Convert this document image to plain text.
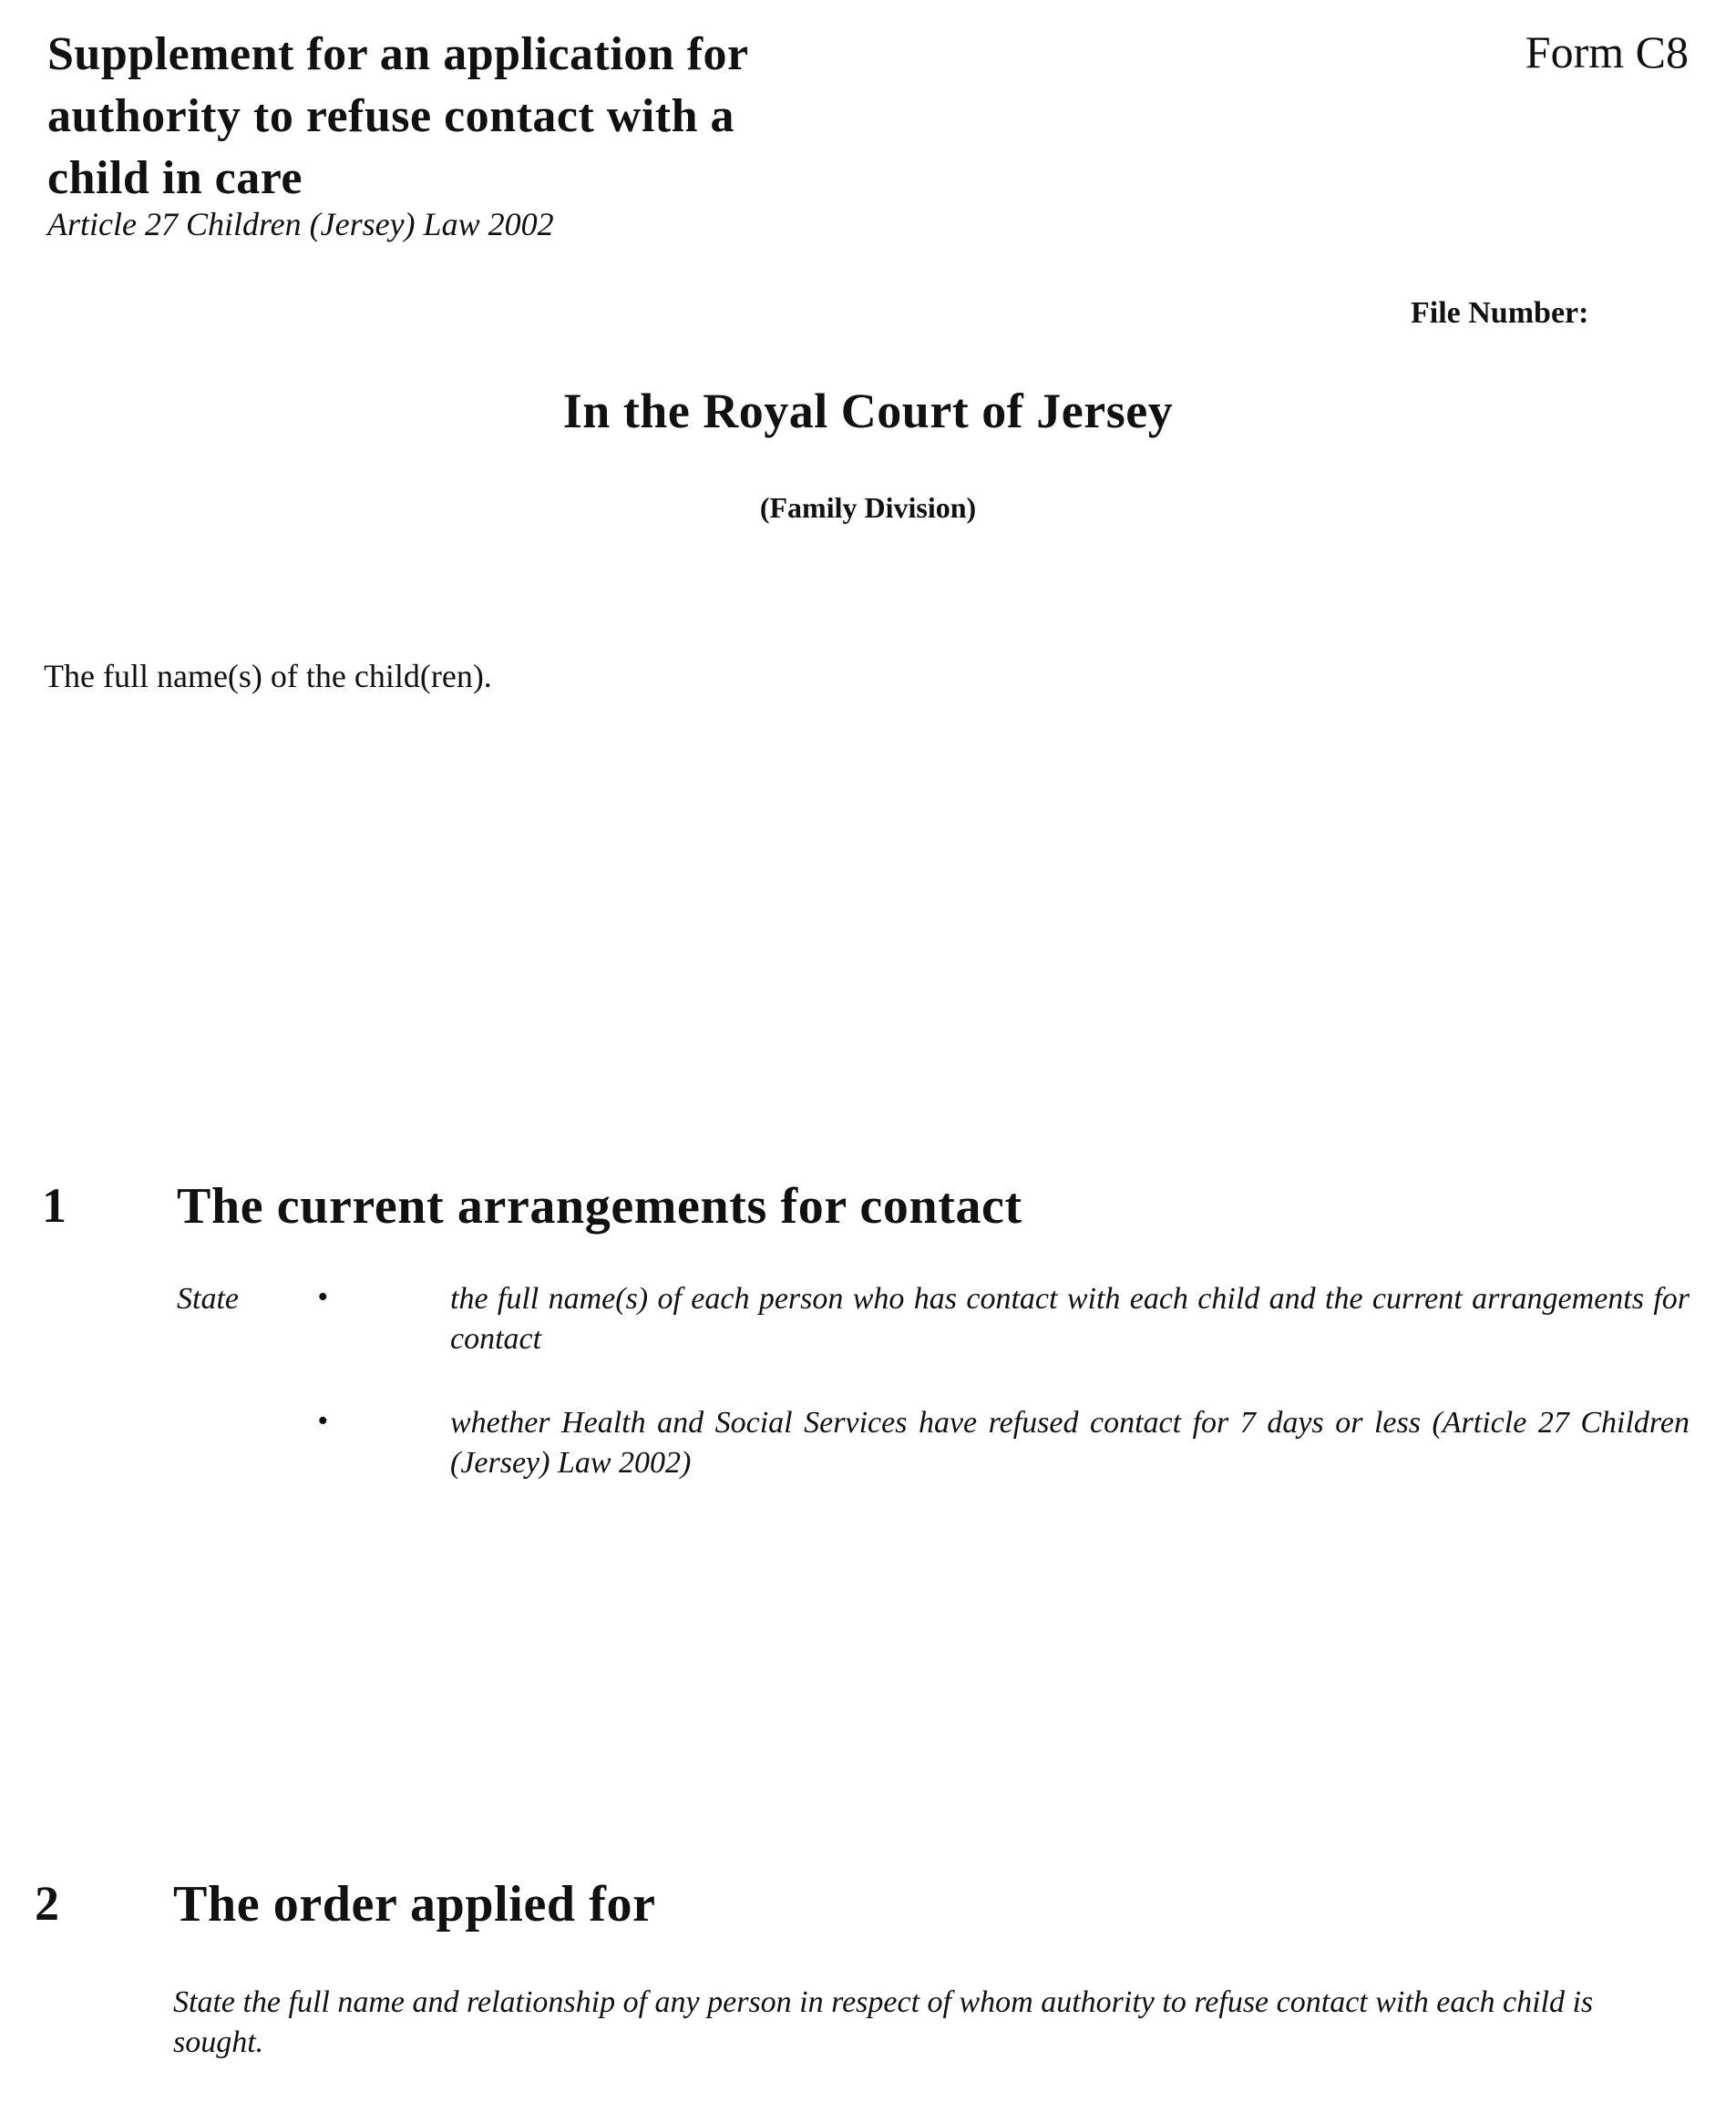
Supplement for an application for
authority to refuse contact with a
child in care
Article 27 Children (Jersey) Law 2002
Form C8
File Number:
In the Royal Court of Jersey
(Family Division)
The full name(s) of the child(ren).
1 The current arrangements for contact
State	•	the full name(s) of each person who has contact with each child and the current arrangements for contact
•	whether Health and Social Services have refused contact for 7 days or less (Article 27 Children (Jersey) Law 2002)
2 The order applied for
State the full name and relationship of any person in respect of whom authority to refuse contact with each child is sought.
